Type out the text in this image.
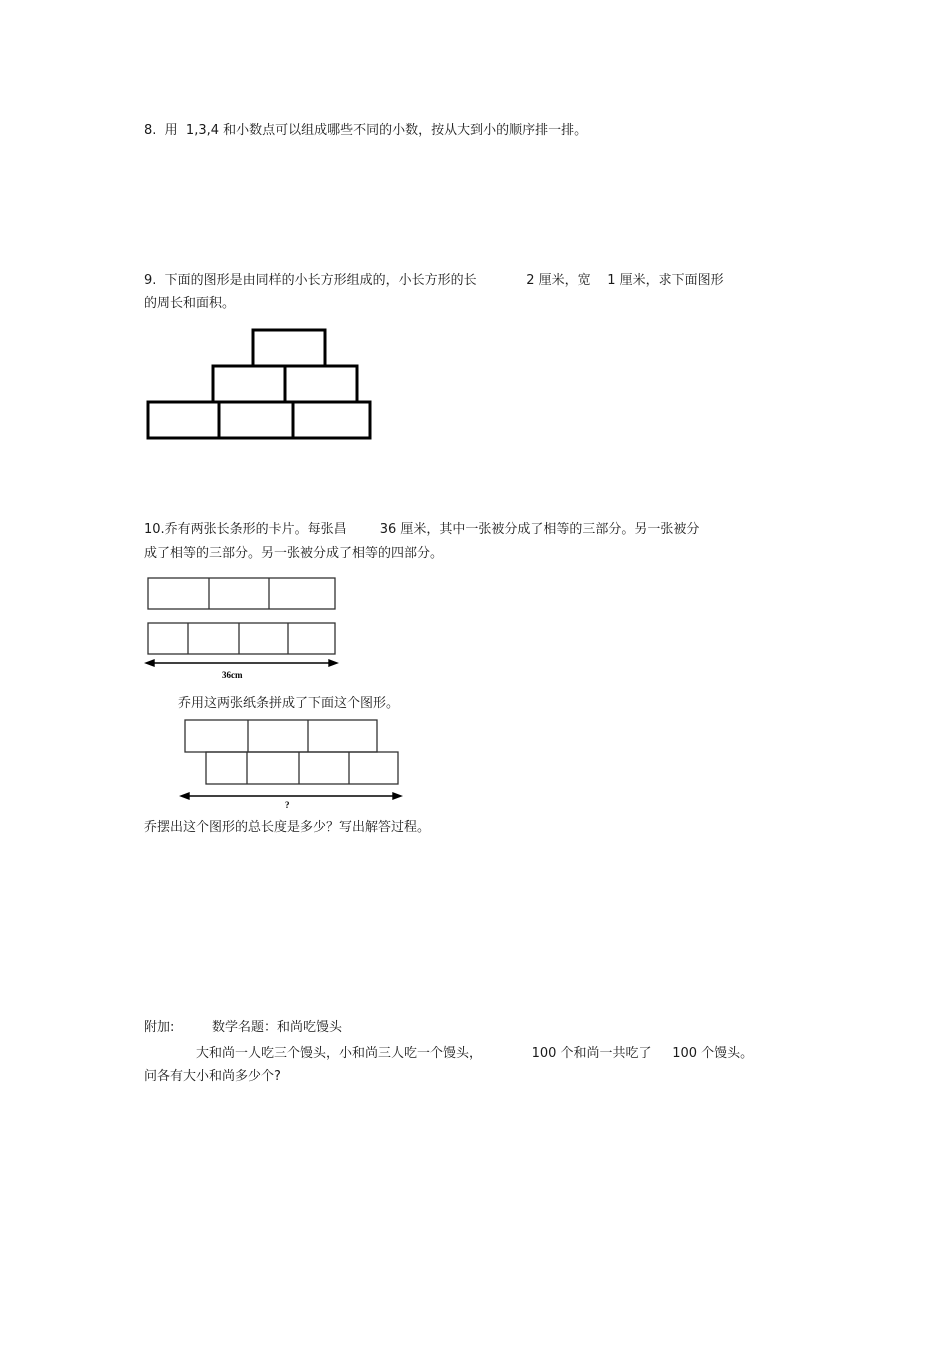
8.  用  1,3,4 和小数点可以组成哪些不同的小数，按从大到小的顺序排一排。

9.  下面的图形是由同样的小长方形组成的，小长方形的长            2 厘米，宽    1 厘米，求下面图形

的周长和面积。

10.乔有两张长条形的卡片。每张昌        36 厘米，其中一张被分成了相等的三部分。另一张被分

成了相等的三部分。另一张被分成了相等的四部分。

36cm

乔用这两张纸条拼成了下面这个图形。

?

乔摆出这个图形的总长度是多少？写出解答过程。

附加:	数学名题：和尚吃馒头

大和尚一人吃三个馒头，小和尚三人吃一个馒头，            100 个和尚一共吃了     100 个馒头。

问各有大小和尚多少个?
